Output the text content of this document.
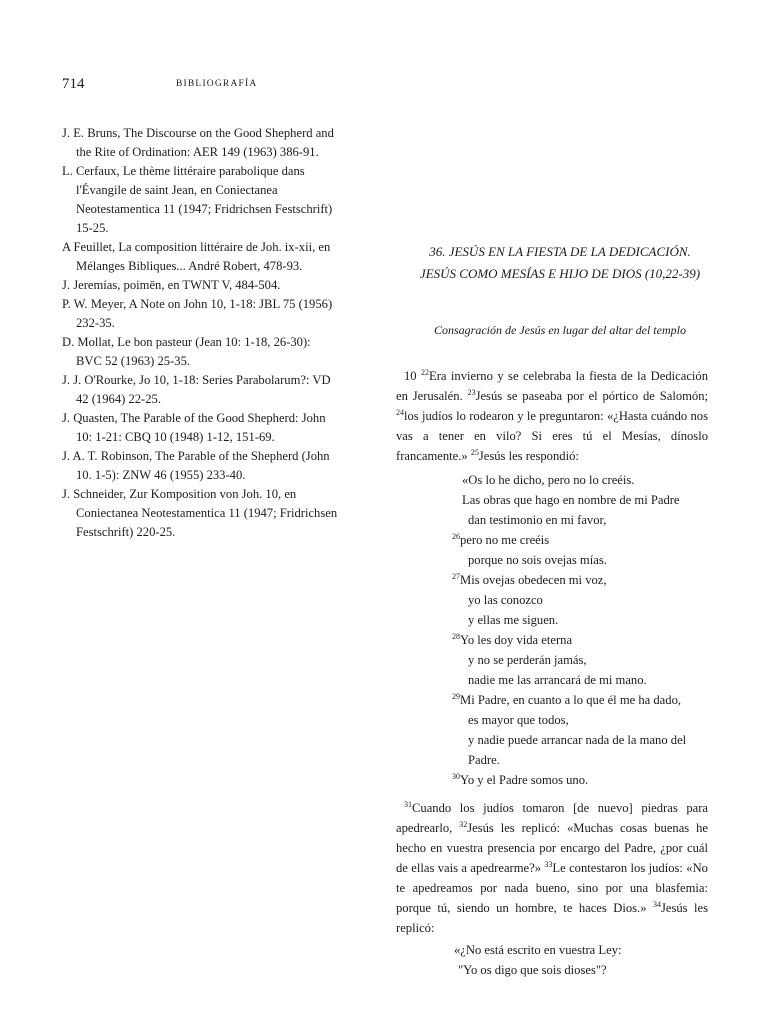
714	BIBLIOGRAFÍA

J. E. Bruns, The Discourse on the Good Shepherd and the Rite of Ordination: AER 149 (1963) 386-91.

L. Cerfaux, Le thème littéraire parabolique dans l'Évangile de saint Jean, en Coniectanea Neotestamentica 11 (1947; Fridrichsen Festschrift) 15-25.

A Feuillet, La composition littéraire de Joh. ix-xii, en Mélanges Bibliques... André Robert, 478-93.

J. Jeremías, poimēn, en TWNT V, 484-504.

P. W. Meyer, A Note on John 10, 1-18: JBL 75 (1956) 232-35.

D. Mollat, Le bon pasteur (Jean 10: 1-18, 26-30): BVC 52 (1963) 25-35.

J. J. O'Rourke, Jo 10, 1-18: Series Parabolarum?: VD 42 (1964) 22-25.

J. Quasten, The Parable of the Good Shepherd: John 10: 1-21: CBQ 10 (1948) 1-12, 151-69.

J. A. T. Robinson, The Parable of the Shepherd (John 10. 1-5): ZNW 46 (1955) 233-40.

J. Schneider, Zur Komposition von Joh. 10, en Coniectanea Neotestamentica 11 (1947; Fridrichsen Festschrift) 220-25.

36. JESÚS EN LA FIESTA DE LA DEDICACIÓN.
JESÚS COMO MESÍAS E HIJO DE DIOS (10,22-39)
Consagración de Jesús en lugar del altar del templo

10 $^{22}$Era invierno y se celebraba la fiesta de la Dedicación en Jerusalén. $^{23}$Jesús se paseaba por el pórtico de Salomón; $^{24}$los judíos lo rodearon y le preguntaron: «¿Hasta cuándo nos vas a tener en vilo? Si eres tú el Mesías, dínoslo francamente.» $^{25}$Jesús les respondió:

«Os lo he dicho, pero no lo creéis.
Las obras que hago en nombre de mi Padre
dan testimonio en mi favor,
$^{26}$pero no me creéis
porque no sois ovejas mías.
$^{27}$Mis ovejas obedecen mi voz,
yo las conozco
y ellas me siguen.
$^{28}$Yo les doy vida eterna
y no se perderán jamás,
nadie me las arrancará de mi mano.
$^{29}$Mi Padre, en cuanto a lo que él me ha dado,
es mayor que todos,
y nadie puede arrancar nada de la mano del Padre.
$^{30}$Yo y el Padre somos uno.

$^{31}$Cuando los judíos tomaron [de nuevo] piedras para apedrearlo, $^{32}$Jesús les replicó: «Muchas cosas buenas he hecho en vuestra presencia por encargo del Padre, ¿por cuál de ellas vais a apedrearme?» $^{33}$Le contestaron los judíos: «No te apedreamos por nada bueno, sino por una blasfemia: porque tú, siendo un hombre, te haces Dios.» $^{34}$Jesús les replicó:

«¿No está escrito en vuestra Ley:
"Yo os digo que sois dioses"?
